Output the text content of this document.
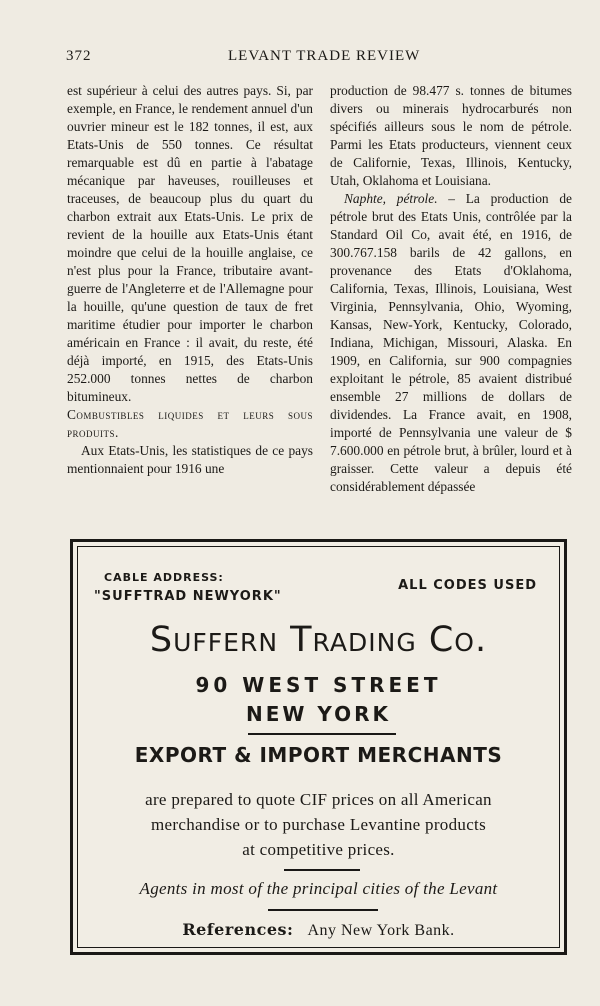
372	LEVANT TRADE REVIEW

est supérieur à celui des autres pays. Si, par exemple, en France, le rendement annuel d'un ouvrier mineur est le 182 tonnes, il est, aux Etats-Unis de 550 tonnes. Ce résultat remarquable est dû en partie à l'abatage mécanique par haveuses, rouilleuses et traceuses, de beaucoup plus du quart du charbon extrait aux Etats-Unis. Le prix de revient de la houille aux Etats-Unis étant moindre que celui de la houille anglaise, ce n'est plus pour la France, tributaire avant-guerre de l'Angleterre et de l'Allemagne pour la houille, qu'une question de taux de fret maritime étudier pour importer le charbon américain en France : il avait, du reste, été déjà importé, en 1915, des Etats-Unis 252.000 tonnes nettes de charbon bitumineux.

Combustibles liquides et leurs sous produits.

Aux Etats-Unis, les statistiques de ce pays mentionnaient pour 1916 une

production de 98.477 s. tonnes de bitumes divers ou minerais hydrocarburés non spécifiés ailleurs sous le nom de pétrole. Parmi les Etats producteurs, viennent ceux de Californie, Texas, Illinois, Kentucky, Utah, Oklahoma et Louisiana.

Naphte, pétrole. – La production de pétrole brut des Etats Unis, contrôlée par la Standard Oil Co, avait été, en 1916, de 300.767.158 barils de 42 gallons, en provenance des Etats d'Oklahoma, California, Texas, Illinois, Louisiana, West Virginia, Pennsylvania, Ohio, Wyoming, Kansas, New-York, Kentucky, Colorado, Indiana, Michigan, Missouri, Alaska. En 1909, en California, sur 900 compagnies exploitant le pétrole, 85 avaient distribué ensemble 27 millions de dollars de dividendes. La France avait, en 1908, importé de Pennsylvania une valeur de $ 7.600.000 en pétrole brut, à brûler, lourd et à graisser. Cette valeur a depuis été considérablement dépassée

CABLE ADDRESS:
"SUFFTRAD NEWYORK"
ALL CODES USED
Suffern Trading Co.
90 WEST STREET
NEW YORK
EXPORT & IMPORT MERCHANTS
are prepared to quote CIF prices on all American
merchandise or to purchase Levantine products
at competitive prices.
Agents in most of the principal cities of the Levant
References: Any New York Bank.
